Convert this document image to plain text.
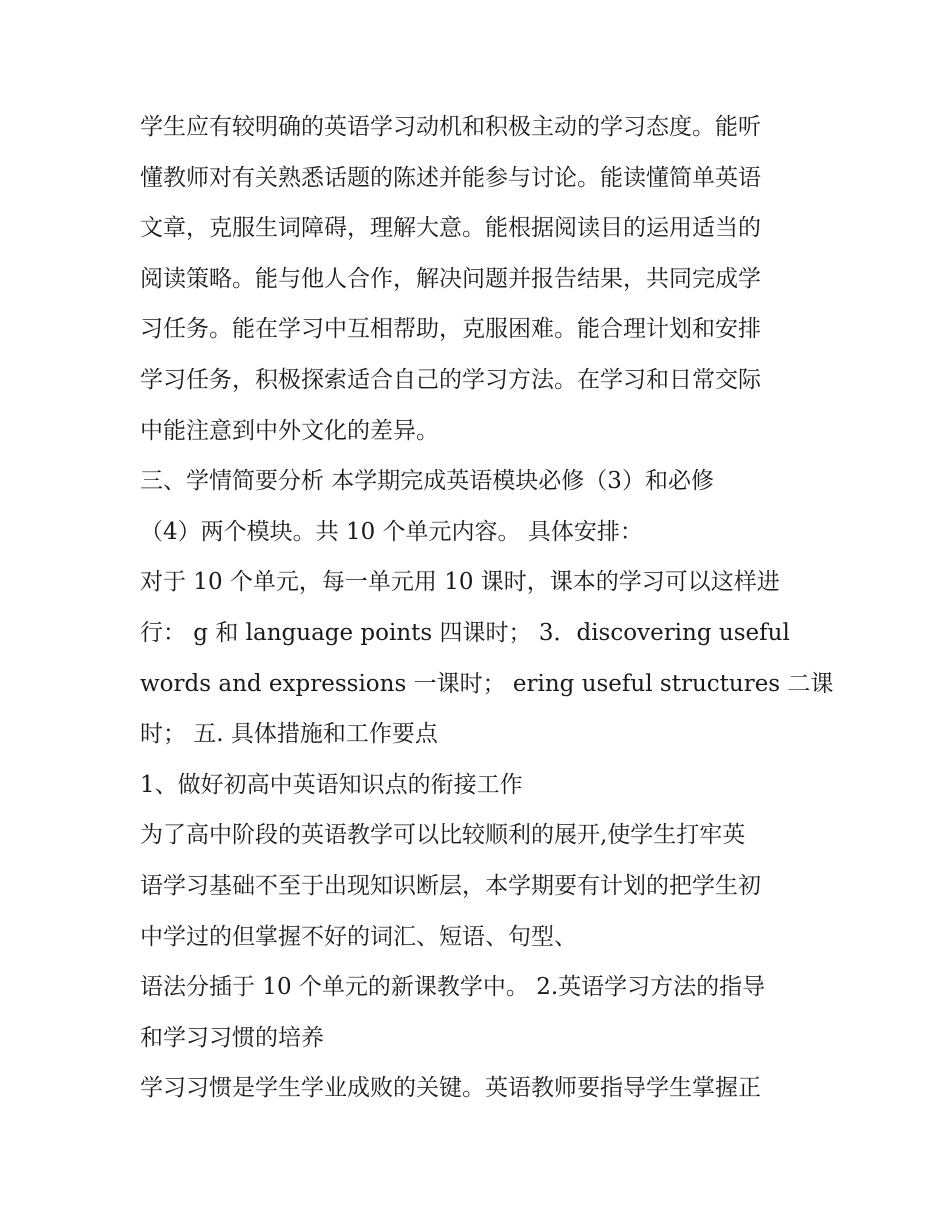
学生应有较明确的英语学习动机和积极主动的学习态度。能听
懂教师对有关熟悉话题的陈述并能参与讨论。能读懂简单英语
文章，克服生词障碍，理解大意。能根据阅读目的运用适当的
阅读策略。能与他人合作，解决问题并报告结果，共同完成学
习任务。能在学习中互相帮助，克服困难。能合理计划和安排
学习任务，积极探索适合自己的学习方法。在学习和日常交际
中能注意到中外文化的差异。
三、学情简要分析 本学期完成英语模块必修（3）和必修
（4）两个模块。共 10 个单元内容。 具体安排：
对于 10 个单元，每一单元用 10 课时，课本的学习可以这样进
行： g 和 language points 四课时； 3．discovering useful
words and expressions 一课时； ering useful structures 二课
时； 五. 具体措施和工作要点
1、做好初高中英语知识点的衔接工作
为了高中阶段的英语教学可以比较顺利的展开,使学生打牢英
语学习基础不至于出现知识断层，本学期要有计划的把学生初
中学过的但掌握不好的词汇、短语、句型、
语法分插于 10 个单元的新课教学中。 2.英语学习方法的指导
和学习习惯的培养
学习习惯是学生学业成败的关键。英语教师要指导学生掌握正
